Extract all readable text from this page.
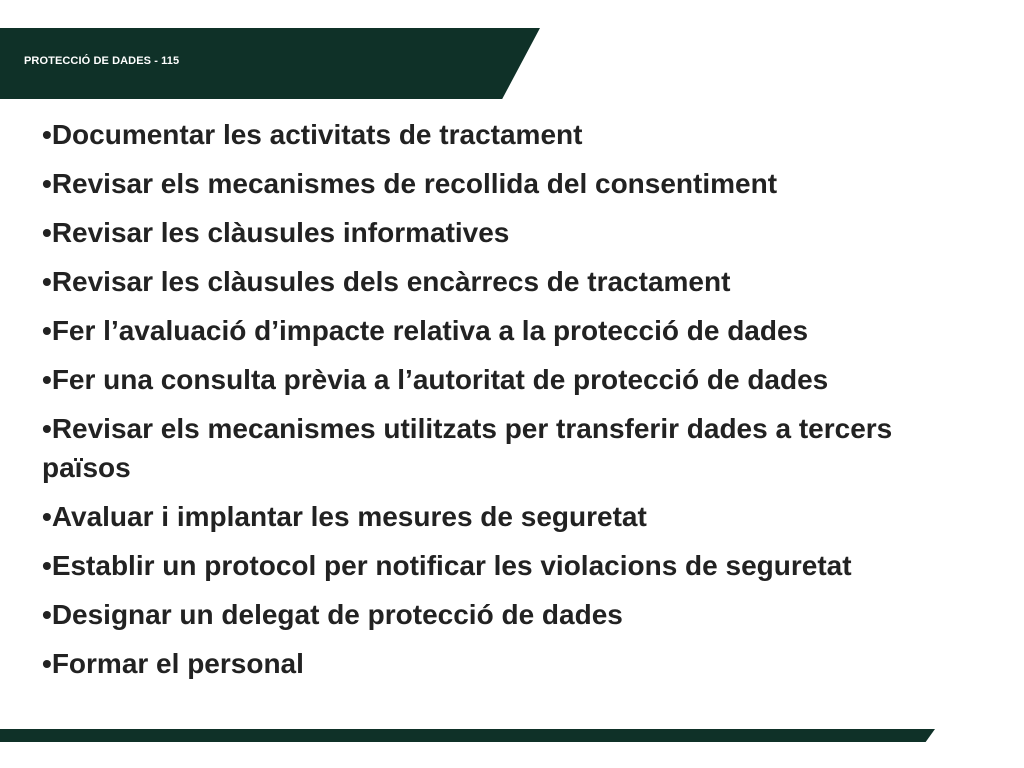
PROTECCIÓ DE DADES - 115
• Documentar les activitats de tractament
• Revisar els mecanismes de recollida del consentiment
• Revisar les clàusules informatives
• Revisar les clàusules dels encàrrecs de tractament
• Fer l’avaluació d’impacte relativa a la protecció de dades
• Fer una consulta prèvia a l’autoritat de protecció de dades
• Revisar els mecanismes utilitzats per transferir dades a tercers països
• Avaluar i implantar les mesures de seguretat
• Establir un protocol per notificar les violacions de seguretat
• Designar un delegat de protecció de dades
• Formar el personal
